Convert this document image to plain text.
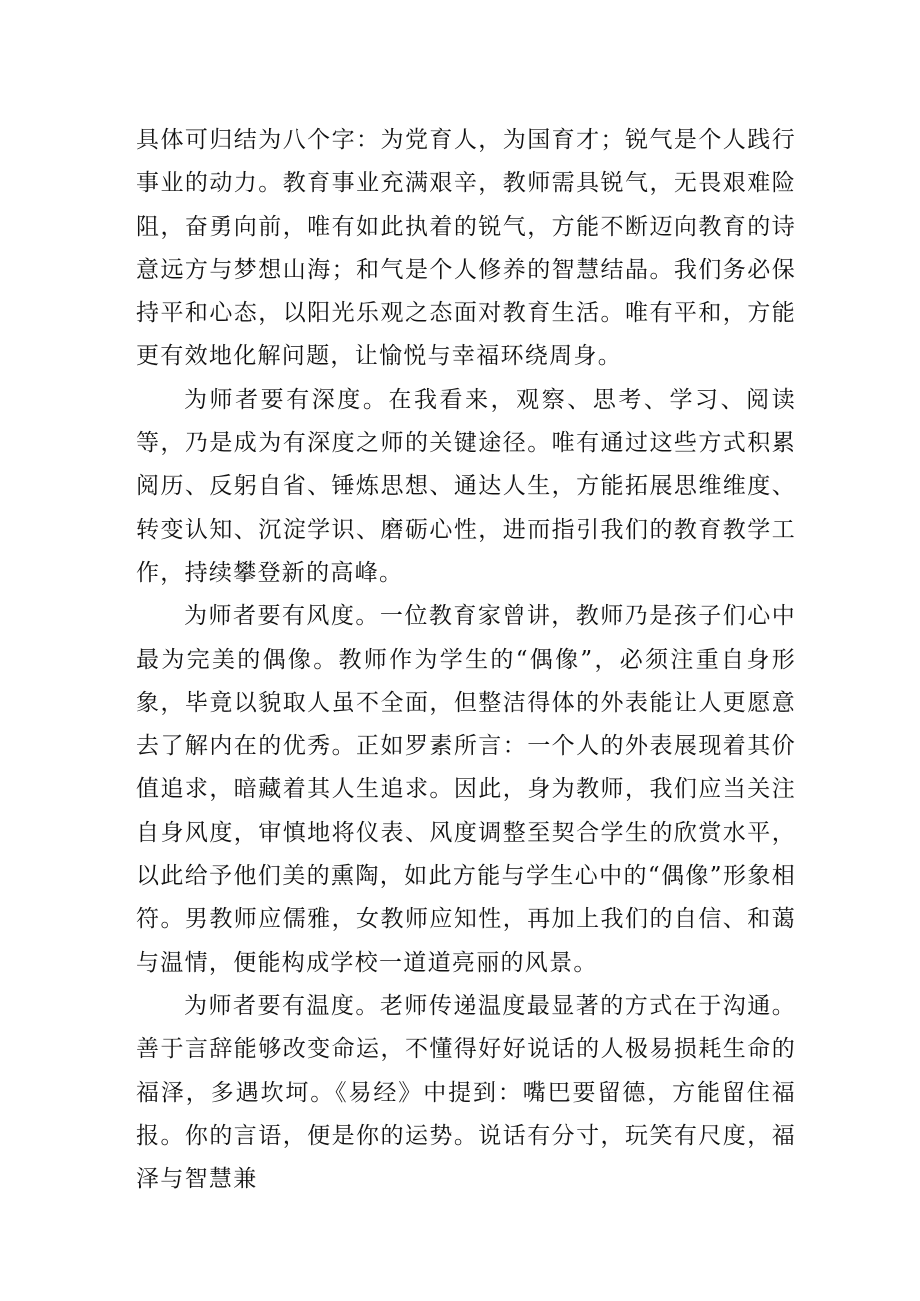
具体可归结为八个字：为党育人，为国育才；锐气是个人践行事业的动力。教育事业充满艰辛，教师需具锐气，无畏艰难险阻，奋勇向前，唯有如此执着的锐气，方能不断迈向教育的诗意远方与梦想山海；和气是个人修养的智慧结晶。我们务必保持平和心态，以阳光乐观之态面对教育生活。唯有平和，方能更有效地化解问题，让愉悦与幸福环绕周身。

为师者要有深度。在我看来，观察、思考、学习、阅读等，乃是成为有深度之师的关键途径。唯有通过这些方式积累阅历、反躬自省、锤炼思想、通达人生，方能拓展思维维度、转变认知、沉淀学识、磨砺心性，进而指引我们的教育教学工作，持续攀登新的高峰。

为师者要有风度。一位教育家曾讲，教师乃是孩子们心中最为完美的偶像。教师作为学生的“偶像”，必须注重自身形象，毕竟以貌取人虽不全面，但整洁得体的外表能让人更愿意去了解内在的优秀。正如罗素所言：一个人的外表展现着其价值追求，暗藏着其人生追求。因此，身为教师，我们应当关注自身风度，审慎地将仪表、风度调整至契合学生的欣赏水平，以此给予他们美的熏陶，如此方能与学生心中的“偶像”形象相符。男教师应儒雅，女教师应知性，再加上我们的自信、和蔼与温情，便能构成学校一道道亮丽的风景。

为师者要有温度。老师传递温度最显著的方式在于沟通。善于言辞能够改变命运，不懂得好好说话的人极易损耗生命的福泽，多遇坎坷。《易经》中提到：嘴巴要留德，方能留住福报。你的言语，便是你的运势。说话有分寸，玩笑有尺度，福泽与智慧兼
